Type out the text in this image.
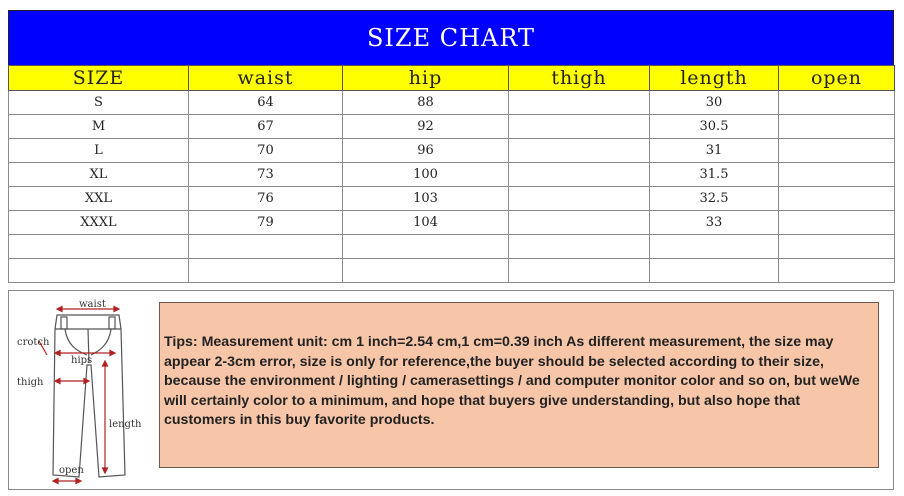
SIZE CHART
SIZE	waist	hip	thigh	length	open
S	64	88		30	
M	67	92		30.5	
L	70	96		31	
XL	73	100		31.5	
XXL	76	103		32.5	
XXXL	79	104		33	

waist
crotch
hips
thigh
length
open
Tips: Measurement unit: cm 1 inch=2.54 cm,1 cm=0.39 inch As different measurement, the size may appear 2-3cm error, size is only for reference,the buyer should be selected according to their size, because the environment / lighting / camerasettings / and computer monitor color and so on, but weWe will certainly color to a minimum, and hope that buyers give understanding, but also hope that customers in this buy favorite products.
